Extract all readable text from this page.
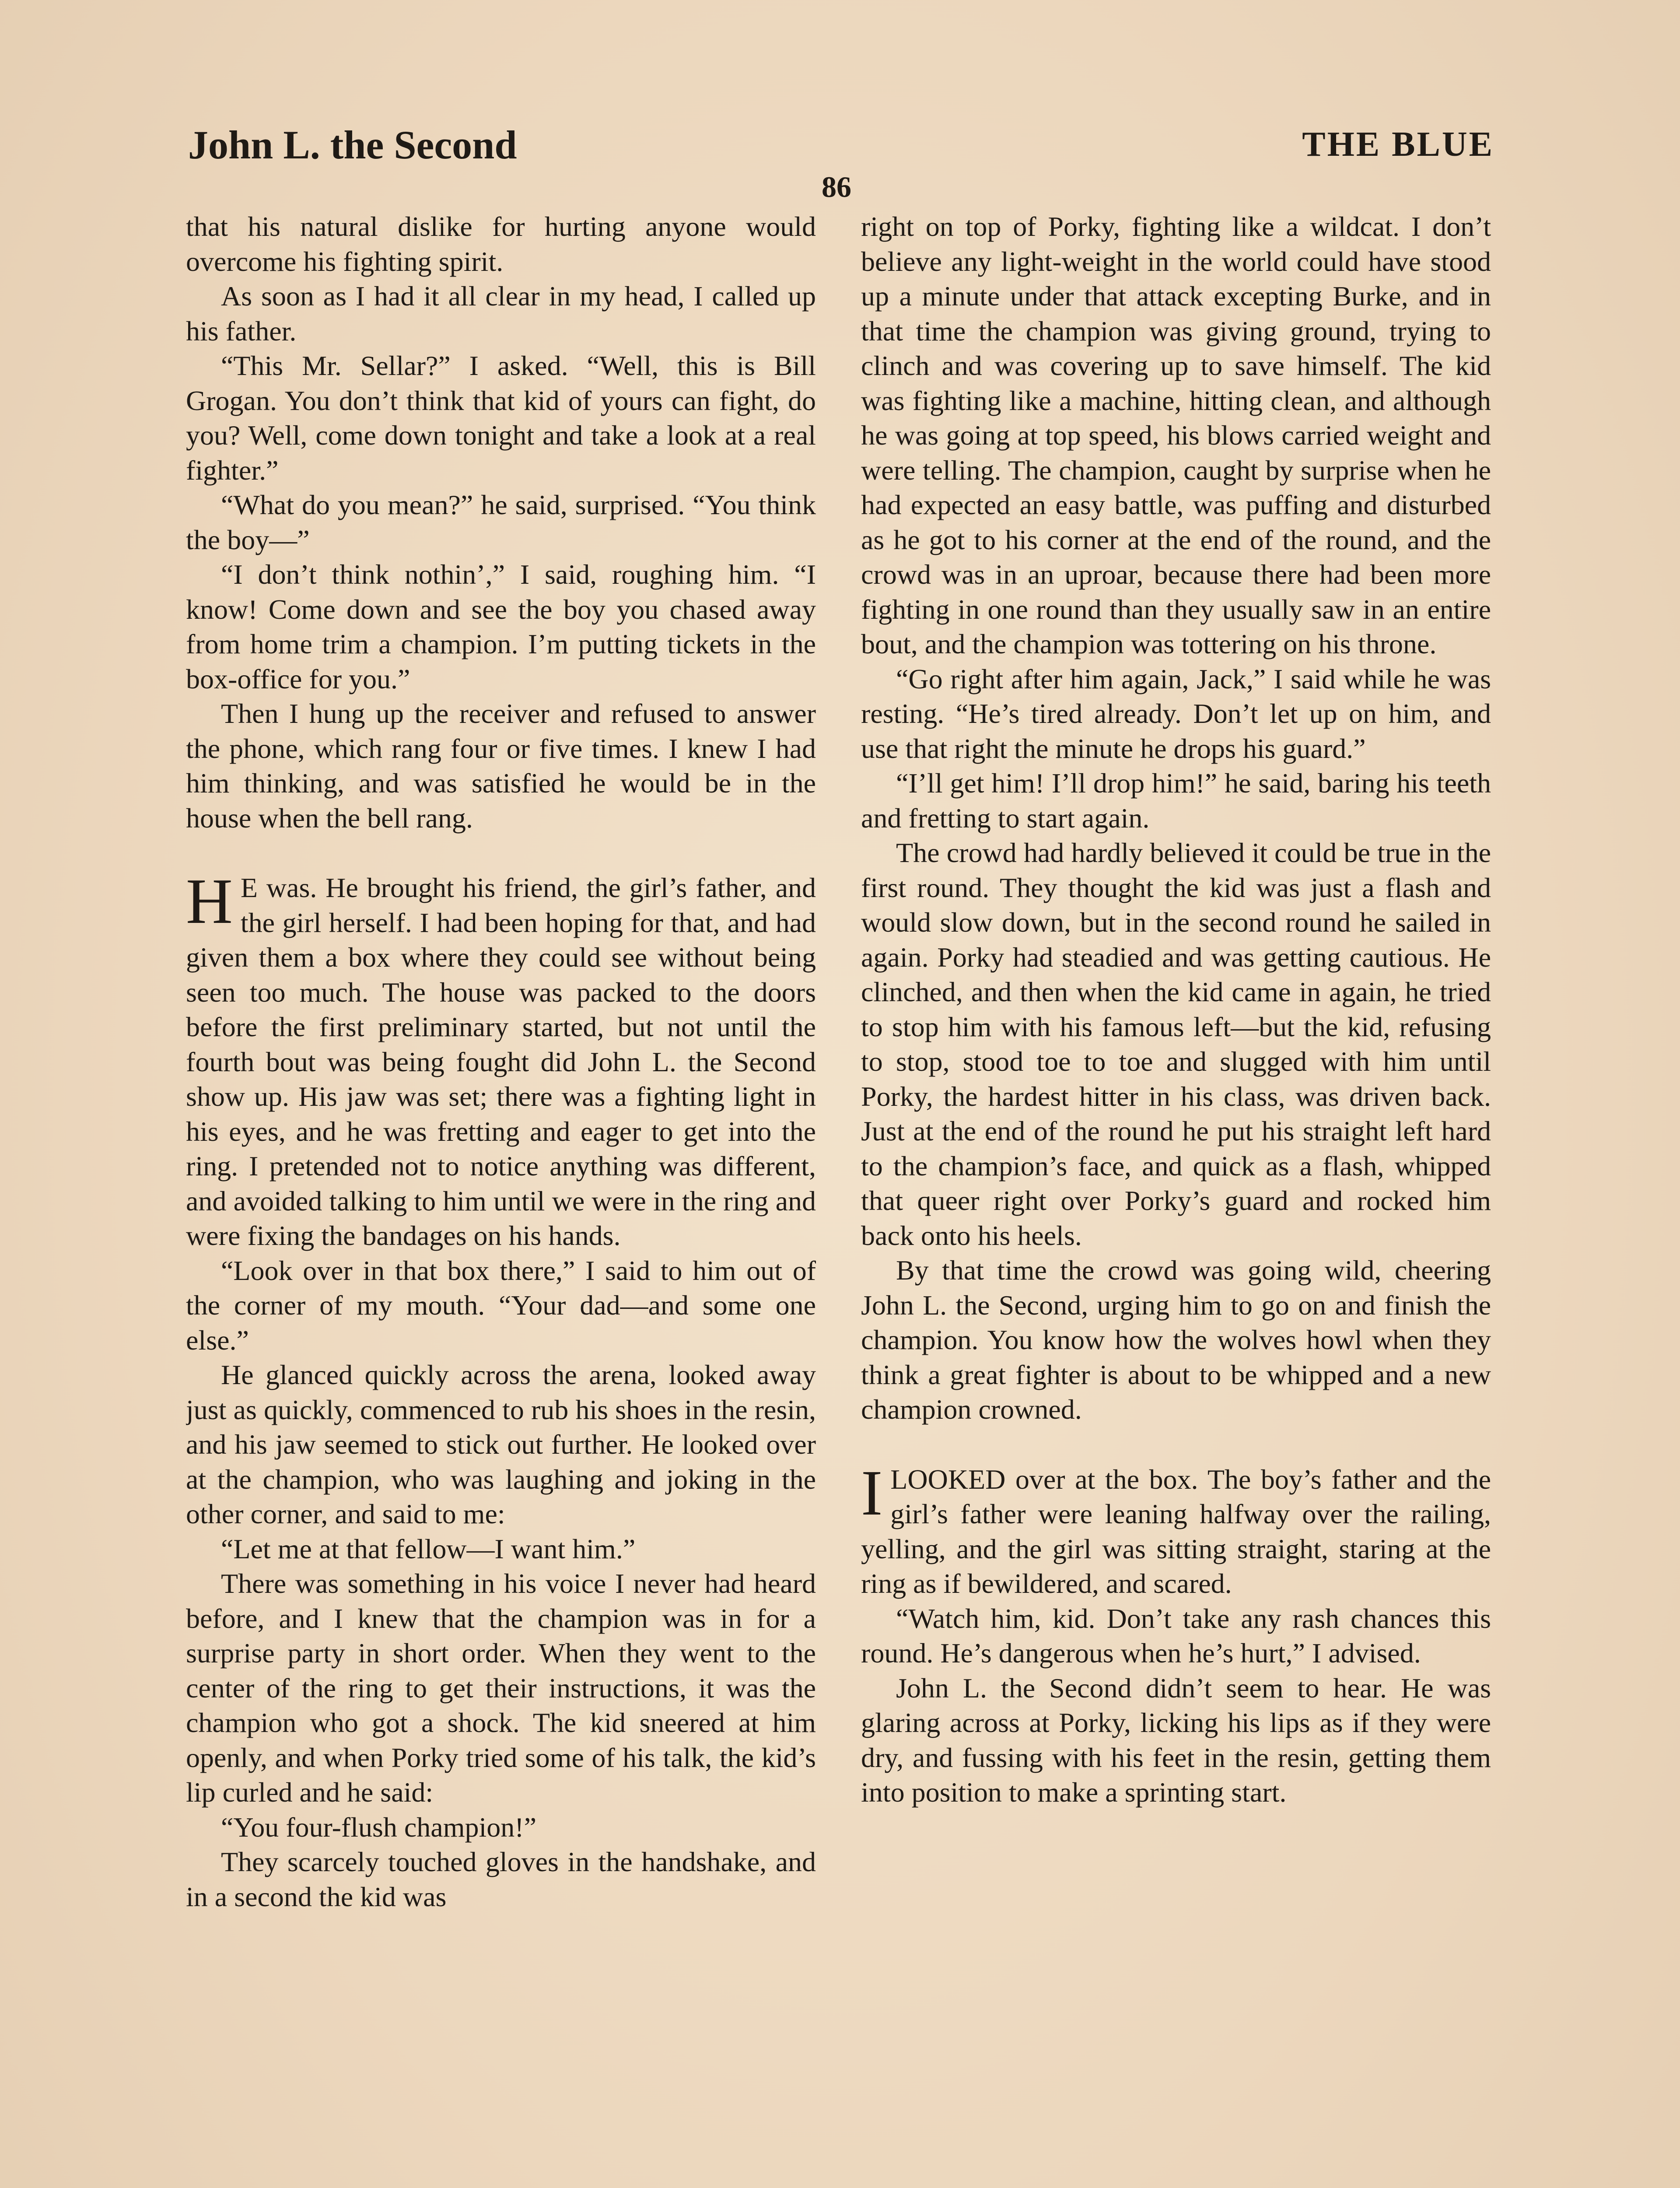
John L. the Second	THE BLUE
86

that his natural dislike for hurting anyone would overcome his fighting spirit.

As soon as I had it all clear in my head, I called up his father.

“This Mr. Sellar?” I asked. “Well, this is Bill Grogan. You don’t think that kid of yours can fight, do you? Well, come down tonight and take a look at a real fighter.”

“What do you mean?” he said, surprised. “You think the boy—”

“I don’t think nothin’,” I said, roughing him. “I know! Come down and see the boy you chased away from home trim a champion. I’m putting tickets in the box-office for you.”

Then I hung up the receiver and refused to answer the phone, which rang four or five times. I knew I had him thinking, and was satisfied he would be in the house when the bell rang.

H E was. He brought his friend, the girl’s father, and the girl herself. I had been hoping for that, and had given them a box where they could see without being seen too much. The house was packed to the doors before the first preliminary started, but not until the fourth bout was being fought did John L. the Second show up. His jaw was set; there was a fighting light in his eyes, and he was fretting and eager to get into the ring. I pretended not to notice anything was different, and avoided talking to him until we were in the ring and were fixing the bandages on his hands.

“Look over in that box there,” I said to him out of the corner of my mouth. “Your dad—and some one else.”

He glanced quickly across the arena, looked away just as quickly, commenced to rub his shoes in the resin, and his jaw seemed to stick out further. He looked over at the champion, who was laughing and joking in the other corner, and said to me:

“Let me at that fellow—I want him.”

There was something in his voice I never had heard before, and I knew that the champion was in for a surprise party in short order. When they went to the center of the ring to get their instructions, it was the champion who got a shock. The kid sneered at him openly, and when Porky tried some of his talk, the kid’s lip curled and he said:

“You four-flush champion!”

They scarcely touched gloves in the handshake, and in a second the kid was

right on top of Porky, fighting like a wildcat. I don’t believe any light-weight in the world could have stood up a minute under that attack excepting Burke, and in that time the champion was giving ground, trying to clinch and was covering up to save himself. The kid was fighting like a machine, hitting clean, and although he was going at top speed, his blows carried weight and were telling. The champion, caught by surprise when he had expected an easy battle, was puffing and disturbed as he got to his corner at the end of the round, and the crowd was in an uproar, because there had been more fighting in one round than they usually saw in an entire bout, and the champion was tottering on his throne.

“Go right after him again, Jack,” I said while he was resting. “He’s tired already. Don’t let up on him, and use that right the minute he drops his guard.”

“I’ll get him! I’ll drop him!” he said, baring his teeth and fretting to start again.

The crowd had hardly believed it could be true in the first round. They thought the kid was just a flash and would slow down, but in the second round he sailed in again. Porky had steadied and was getting cautious. He clinched, and then when the kid came in again, he tried to stop him with his famous left—but the kid, refusing to stop, stood toe to toe and slugged with him until Porky, the hardest hitter in his class, was driven back. Just at the end of the round he put his straight left hard to the champion’s face, and quick as a flash, whipped that queer right over Porky’s guard and rocked him back onto his heels.

By that time the crowd was going wild, cheering John L. the Second, urging him to go on and finish the champion. You know how the wolves howl when they think a great fighter is about to be whipped and a new champion crowned.

ILOOKED over at the box. The boy’s father and the girl’s father were leaning halfway over the railing, yelling, and the girl was sitting straight, staring at the ring as if bewildered, and scared.

“Watch him, kid. Don’t take any rash chances this round. He’s dangerous when he’s hurt,” I advised.

John L. the Second didn’t seem to hear. He was glaring across at Porky, licking his lips as if they were dry, and fussing with his feet in the resin, getting them into position to make a sprinting start.
